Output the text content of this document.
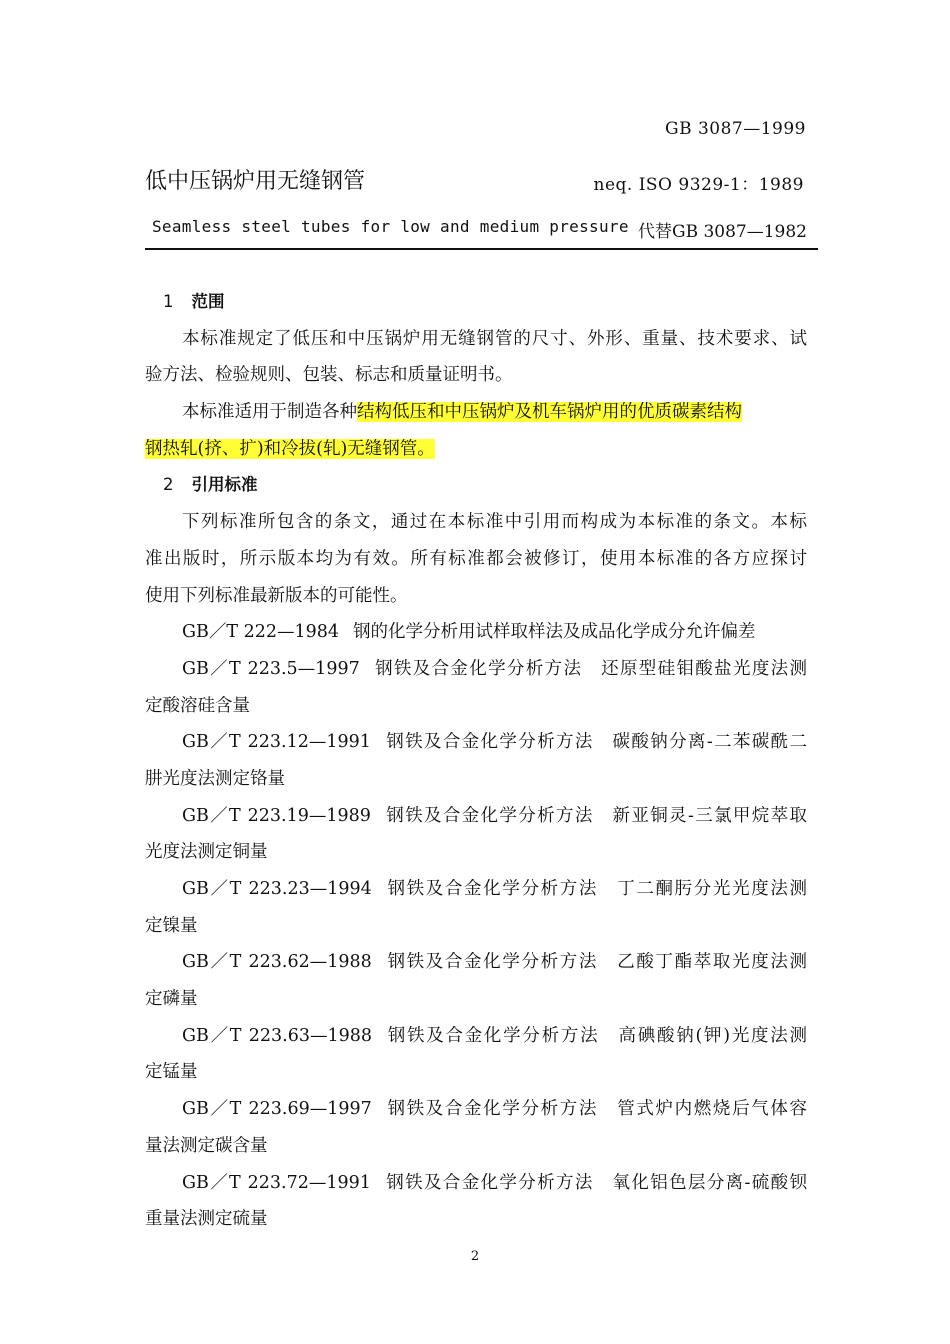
GB 3087—1999
低中压锅炉用无缝钢管	neq. ISO 9329-1：1989
Seamless steel tubes for low and medium pressure 代替GB 3087—1982
1 范围
本标准规定了低压和中压锅炉用无缝钢管的尺寸、外形、重量、技术要求、试
验方法、检验规则、包装、标志和质量证明书。
本标准适用于制造各种结构低压和中压锅炉及机车锅炉用的优质碳素结构
钢热轧(挤、扩)和冷拔(轧)无缝钢管。
2 引用标准
下列标准所包含的条文，通过在本标准中引用而构成为本标准的条文。本标
准出版时，所示版本均为有效。所有标准都会被修订，使用本标准的各方应探讨
使用下列标准最新版本的可能性。
GB／T 222—1984 钢的化学分析用试样取样法及成品化学成分允许偏差
GB／T 223.5—1997 钢铁及合金化学分析方法　还原型硅钼酸盐光度法测
定酸溶硅含量
GB／T 223.12—1991 钢铁及合金化学分析方法　碳酸钠分离-二苯碳酰二
肼光度法测定铬量
GB／T 223.19—1989 钢铁及合金化学分析方法　新亚铜灵-三氯甲烷萃取
光度法测定铜量
GB／T 223.23—1994 钢铁及合金化学分析方法　丁二酮肟分光光度法测
定镍量
GB／T 223.62—1988 钢铁及合金化学分析方法　乙酸丁酯萃取光度法测
定磷量
GB／T 223.63—1988 钢铁及合金化学分析方法　高碘酸钠(钾)光度法测
定锰量
GB／T 223.69—1997 钢铁及合金化学分析方法　管式炉内燃烧后气体容
量法测定碳含量
GB／T 223.72—1991 钢铁及合金化学分析方法　氧化铝色层分离-硫酸钡
重量法测定硫量
2
